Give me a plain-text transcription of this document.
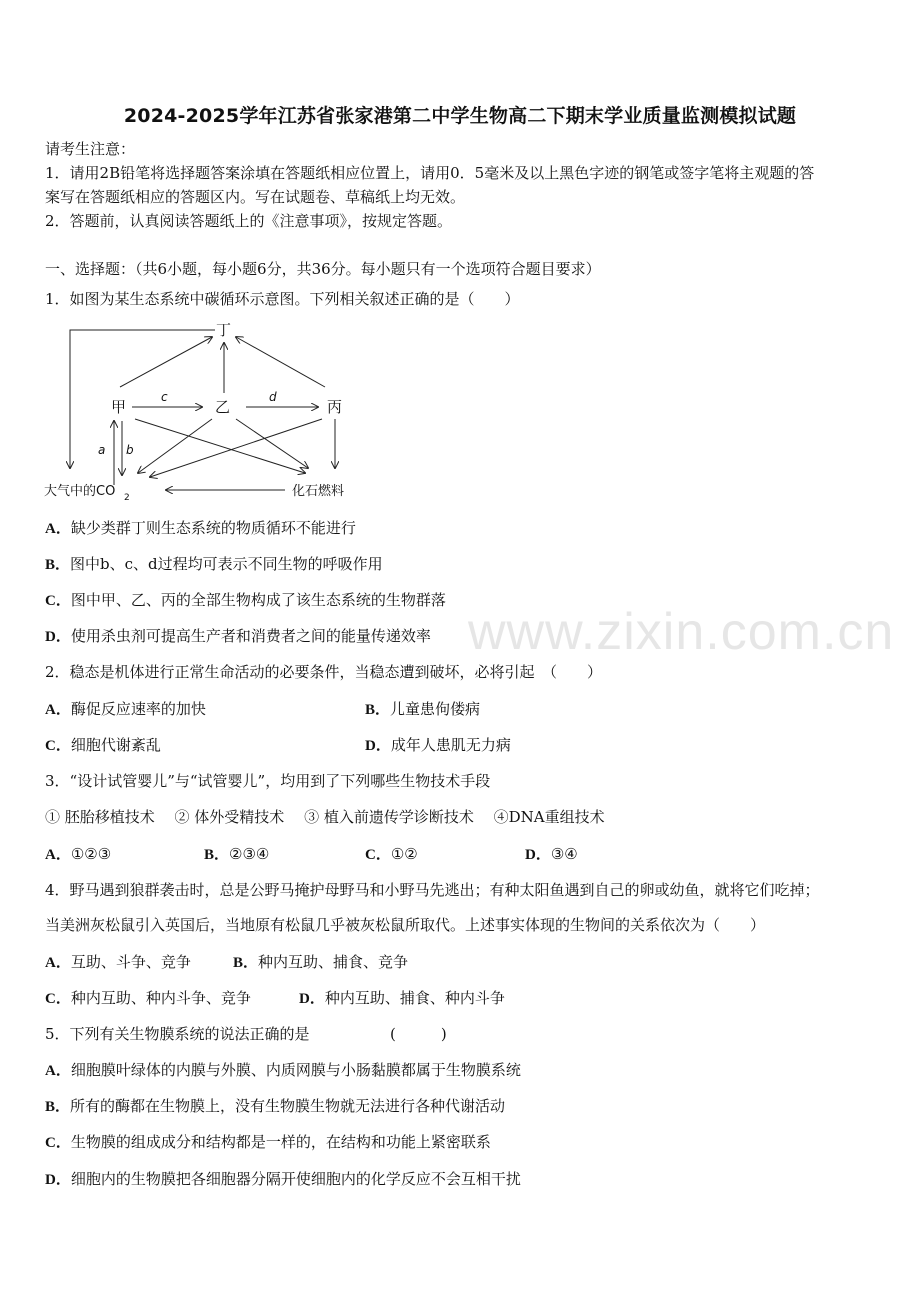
www.zixin.com.cn
2024-2025学年江苏省张家港第二中学生物高二下期末学业质量监测模拟试题
请考生注意：
1．请用2B铅笔将选择题答案涂填在答题纸相应位置上，请用0．5毫米及以上黑色字迹的钢笔或签字笔将主观题的答
案写在答题纸相应的答题区内。写在试题卷、草稿纸上均无效。
2．答题前，认真阅读答题纸上的《注意事项》，按规定答题。
一、选择题：（共6小题，每小题6分，共36分。每小题只有一个选项符合题目要求）
1．如图为某生态系统中碳循环示意图。下列相关叙述正确的是（　　）
丁
甲	乙	丙
大气中的CO 2	化石燃料
a b
c	d
A．缺少类群丁则生态系统的物质循环不能进行
B．图中b、c、d过程均可表示不同生物的呼吸作用
C．图中甲、乙、丙的全部生物构成了该生态系统的生物群落
D．使用杀虫剂可提高生产者和消费者之间的能量传递效率
2．稳态是机体进行正常生命活动的必要条件，当稳态遭到破坏，必将引起　（　　）
A．酶促反应速率的加快	B．儿童患佝偻病
C．细胞代谢紊乱	D．成年人患肌无力病
3．“设计试管婴儿”与“试管婴儿”，均用到了下列哪些生物技术手段
① 胚胎移植技术　 ② 体外受精技术　 ③ 植入前遗传学诊断技术　 ④DNA重组技术
A．①②③	B．②③④	C．①②	D．③④
4．野马遇到狼群袭击时，总是公野马掩护母野马和小野马先逃出；有种太阳鱼遇到自己的卵或幼鱼，就将它们吃掉；
当美洲灰松鼠引入英国后，当地原有松鼠几乎被灰松鼠所取代。上述事实体现的生物间的关系依次为（　　）
A．互助、斗争、竞争	B．种内互助、捕食、竞争
C．种内互助、种内斗争、竞争	D．种内互助、捕食、种内斗争
5．下列有关生物膜系统的说法正确的是	(　　　)
A．细胞膜叶绿体的内膜与外膜、内质网膜与小肠黏膜都属于生物膜系统
B．所有的酶都在生物膜上，没有生物膜生物就无法进行各种代谢活动
C．生物膜的组成成分和结构都是一样的，在结构和功能上紧密联系
D．细胞内的生物膜把各细胞器分隔开使细胞内的化学反应不会互相干扰
